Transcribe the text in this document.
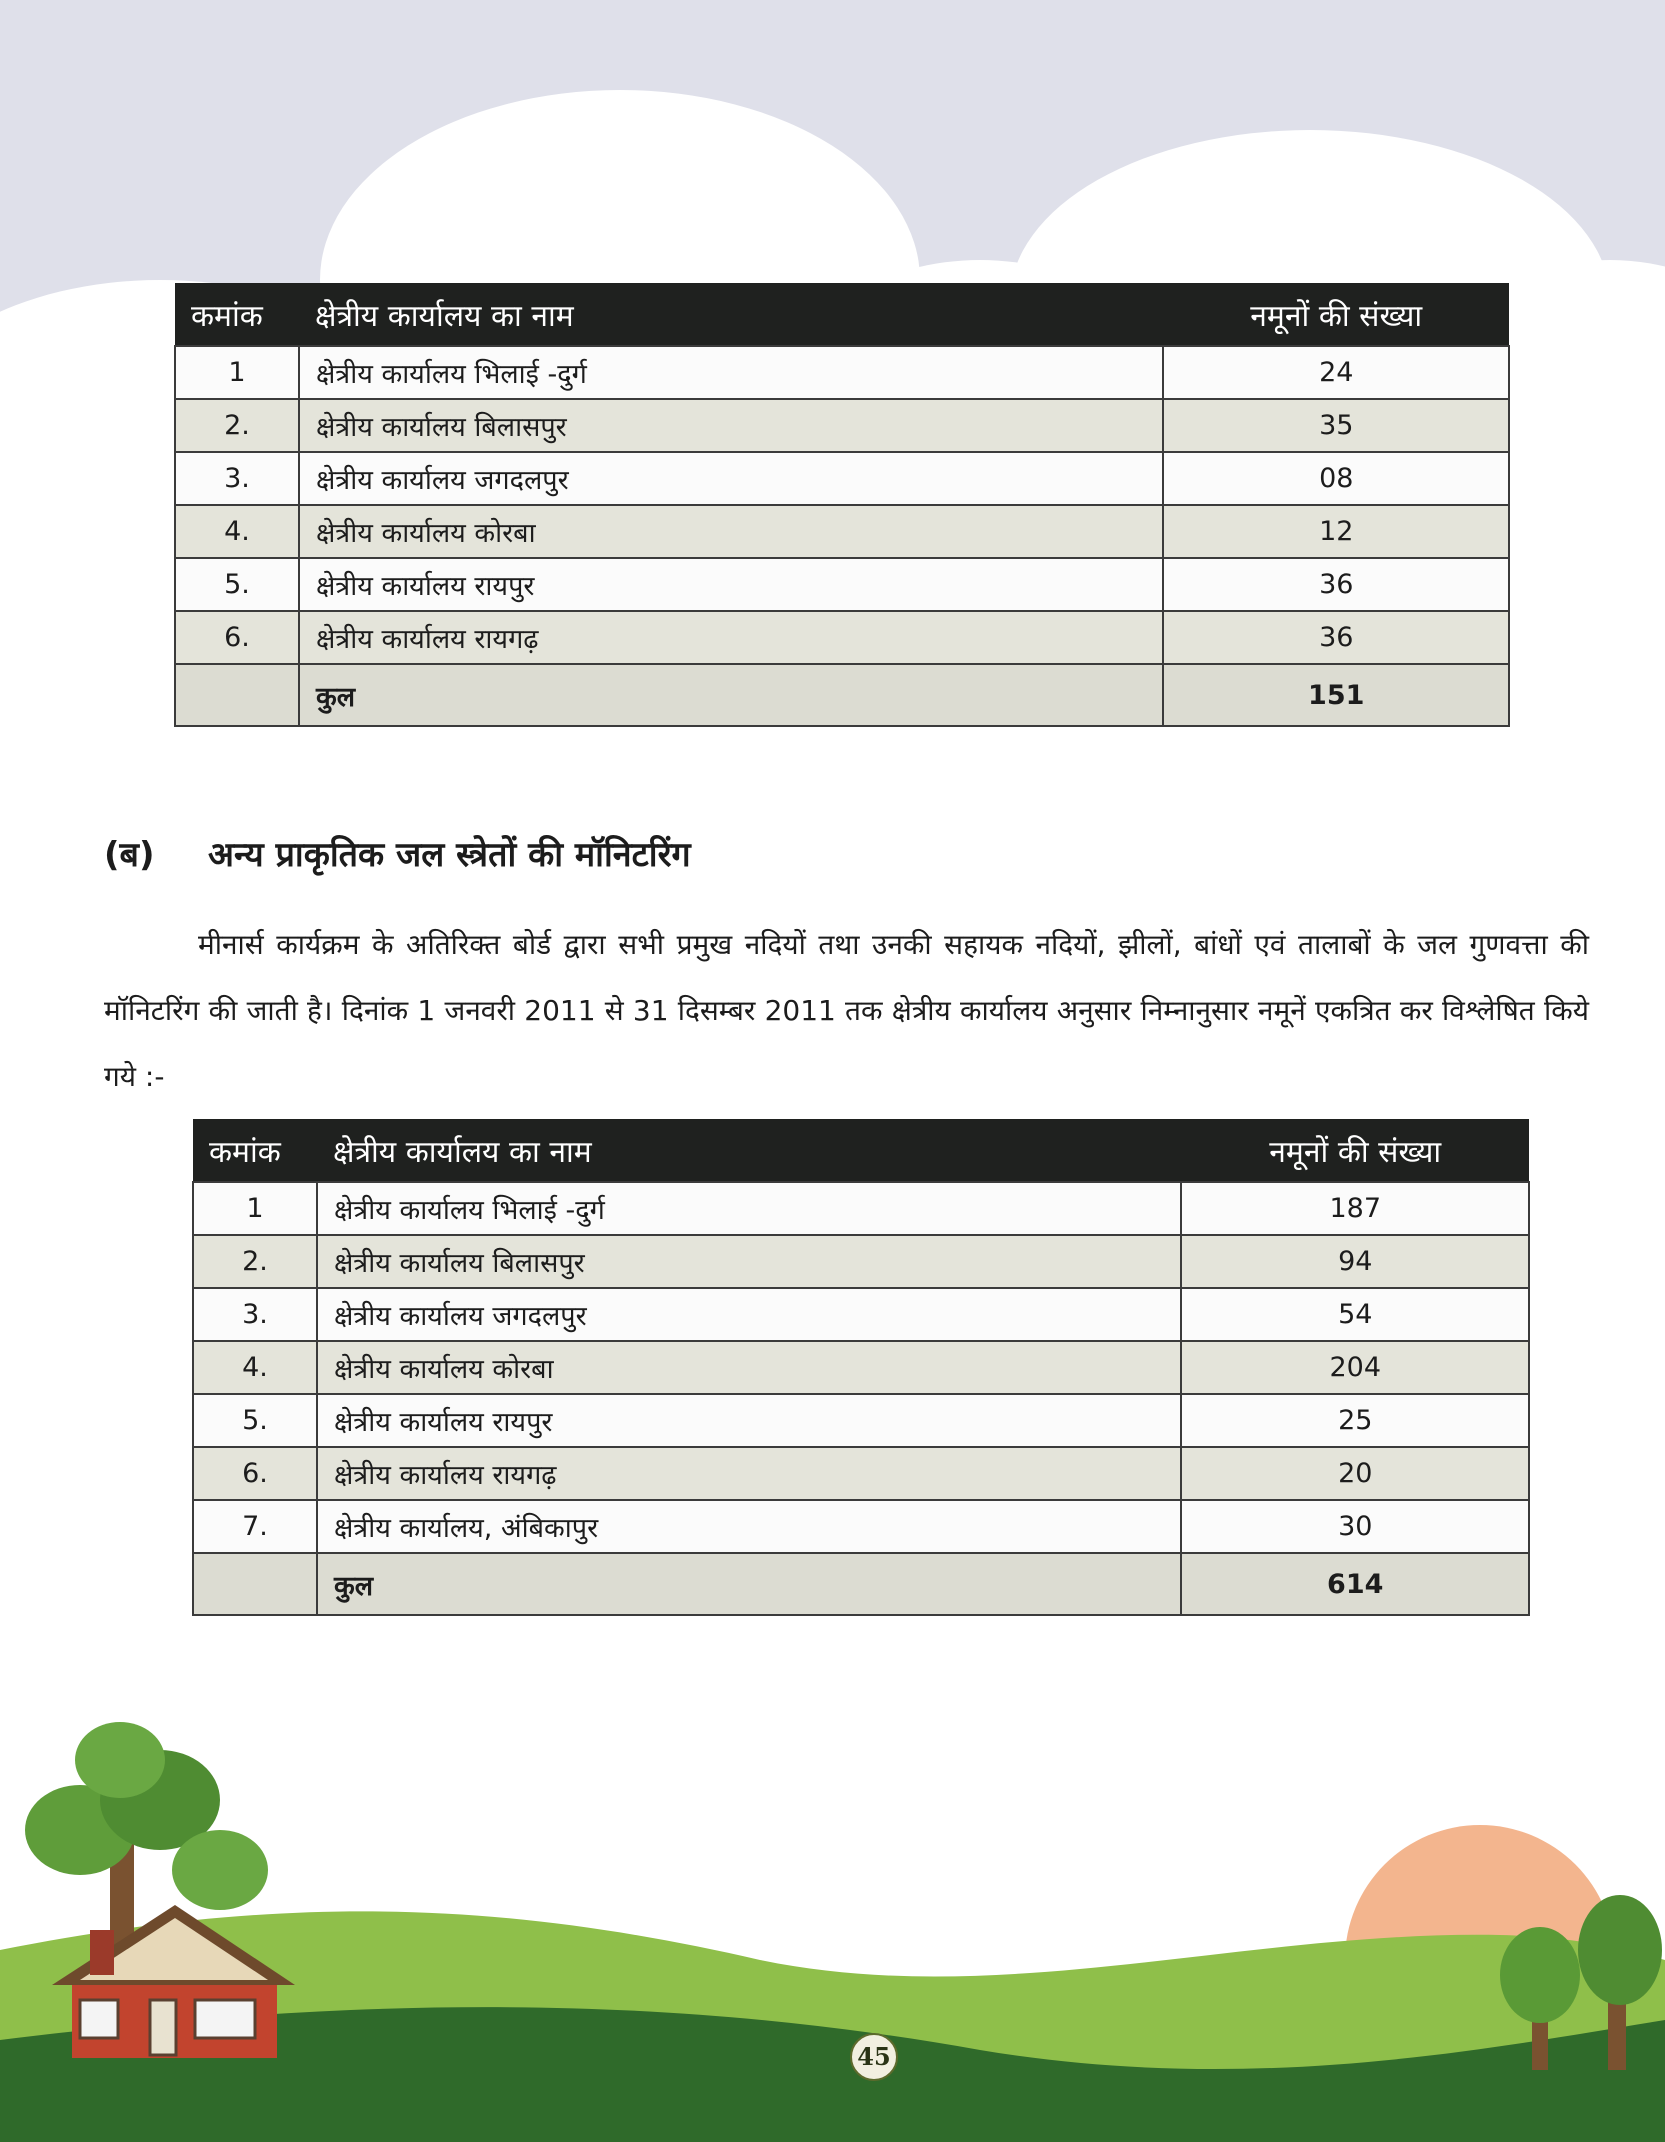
कमांक	क्षेत्रीय कार्यालय का नाम	नमूनों की संख्या
1	क्षेत्रीय कार्यालय भिलाई -दुर्ग	24
2.	क्षेत्रीय कार्यालय बिलासपुर	35
3.	क्षेत्रीय कार्यालय जगदलपुर	08
4.	क्षेत्रीय कार्यालय कोरबा	12
5.	क्षेत्रीय कार्यालय रायपुर	36
6.	क्षेत्रीय कार्यालय रायगढ़	36
	कुल	151
(ब) अन्य प्राकृतिक जल स्त्रेतों की मॉनिटरिंग

मीनार्स कार्यक्रम के अतिरिक्त बोर्ड द्वारा सभी प्रमुख नदियों तथा उनकी सहायक नदियों, झीलों, बांधों एवं तालाबों के जल गुणवत्ता की मॉनिटरिंग की जाती है। दिनांक 1 जनवरी 2011 से 31 दिसम्बर 2011 तक क्षेत्रीय कार्यालय अनुसार निम्नानुसार नमूनें एकत्रित कर विश्लेषित किये गये :-

कमांक	क्षेत्रीय कार्यालय का नाम	नमूनों की संख्या
1	क्षेत्रीय कार्यालय भिलाई -दुर्ग	187
2.	क्षेत्रीय कार्यालय बिलासपुर	94
3.	क्षेत्रीय कार्यालय जगदलपुर	54
4.	क्षेत्रीय कार्यालय कोरबा	204
5.	क्षेत्रीय कार्यालय रायपुर	25
6.	क्षेत्रीय कार्यालय रायगढ़	20
7.	क्षेत्रीय कार्यालय, अंबिकापुर	30
	कुल	614
45
